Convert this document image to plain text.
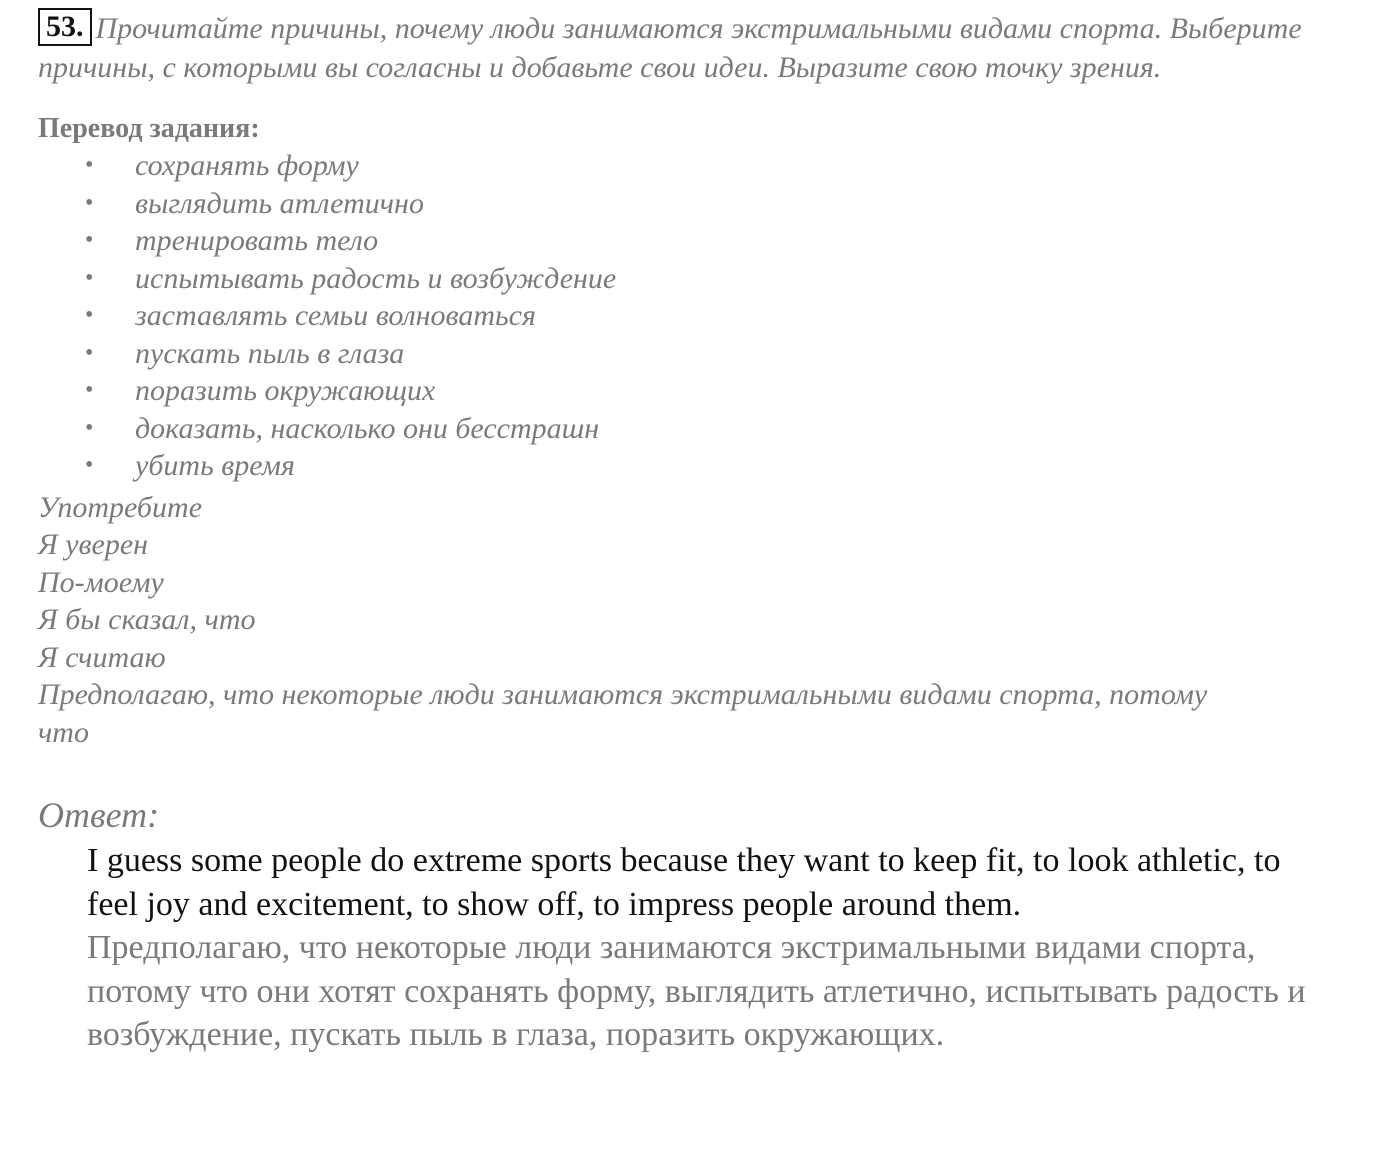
53. Прочитайте причины, почему люди занимаются экстримальными видами спорта. Выберите причины, с которыми вы согласны и добавьте свои идеи. Выразите свою точку зрения.
Перевод задания:
• сохранять форму
• выглядить атлетично
• тренировать тело
• испытывать радость и возбуждение
• заставлять семьи волноваться
• пускать пыль в глаза
• поразить окружающих
• доказать, насколько они бесстрашн
• убить время
Употребите
Я уверен
По-моему
Я бы сказал, что
Я считаю
Предполагаю, что некоторые люди занимаются экстримальными видами спорта, потому что
Ответ:
I guess some people do extreme sports because they want to keep fit, to look athletic, to feel joy and excitement, to show off, to impress people around them.
Предполагаю, что некоторые люди занимаются экстримальными видами спорта, потому что они хотят сохранять форму, выглядить атлетично, испытывать радость и возбуждение, пускать пыль в глаза, поразить окружающих.
